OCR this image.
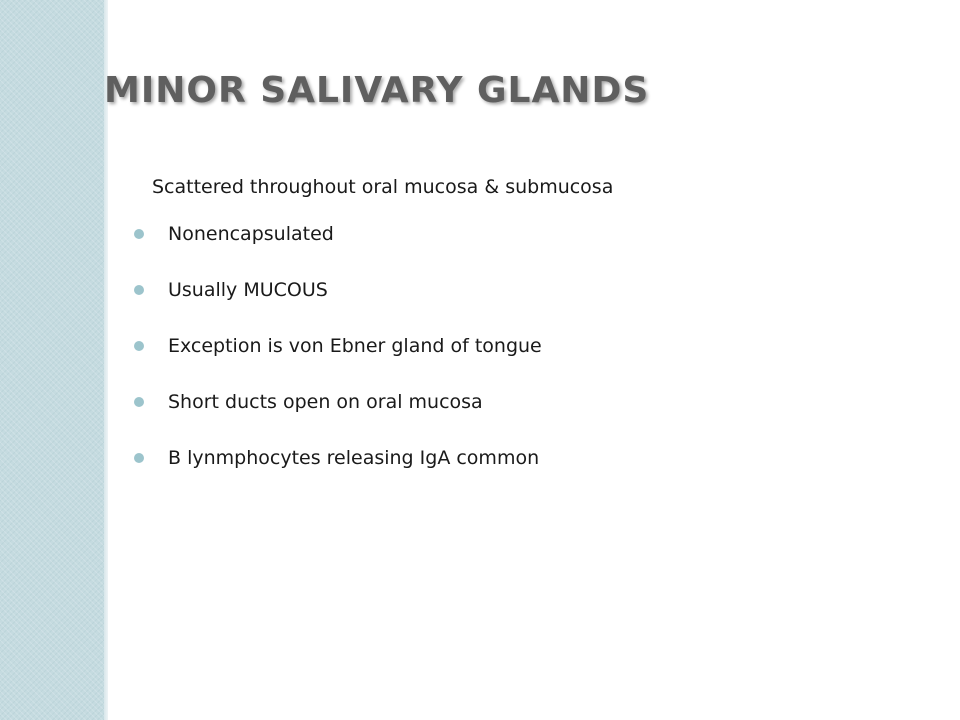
MINOR SALIVARY GLANDS

Scattered throughout oral mucosa & submucosa

Nonencapsulated
Usually MUCOUS
Exception is von Ebner gland of tongue
Short ducts open on oral mucosa
B lynmphocytes releasing IgA common
